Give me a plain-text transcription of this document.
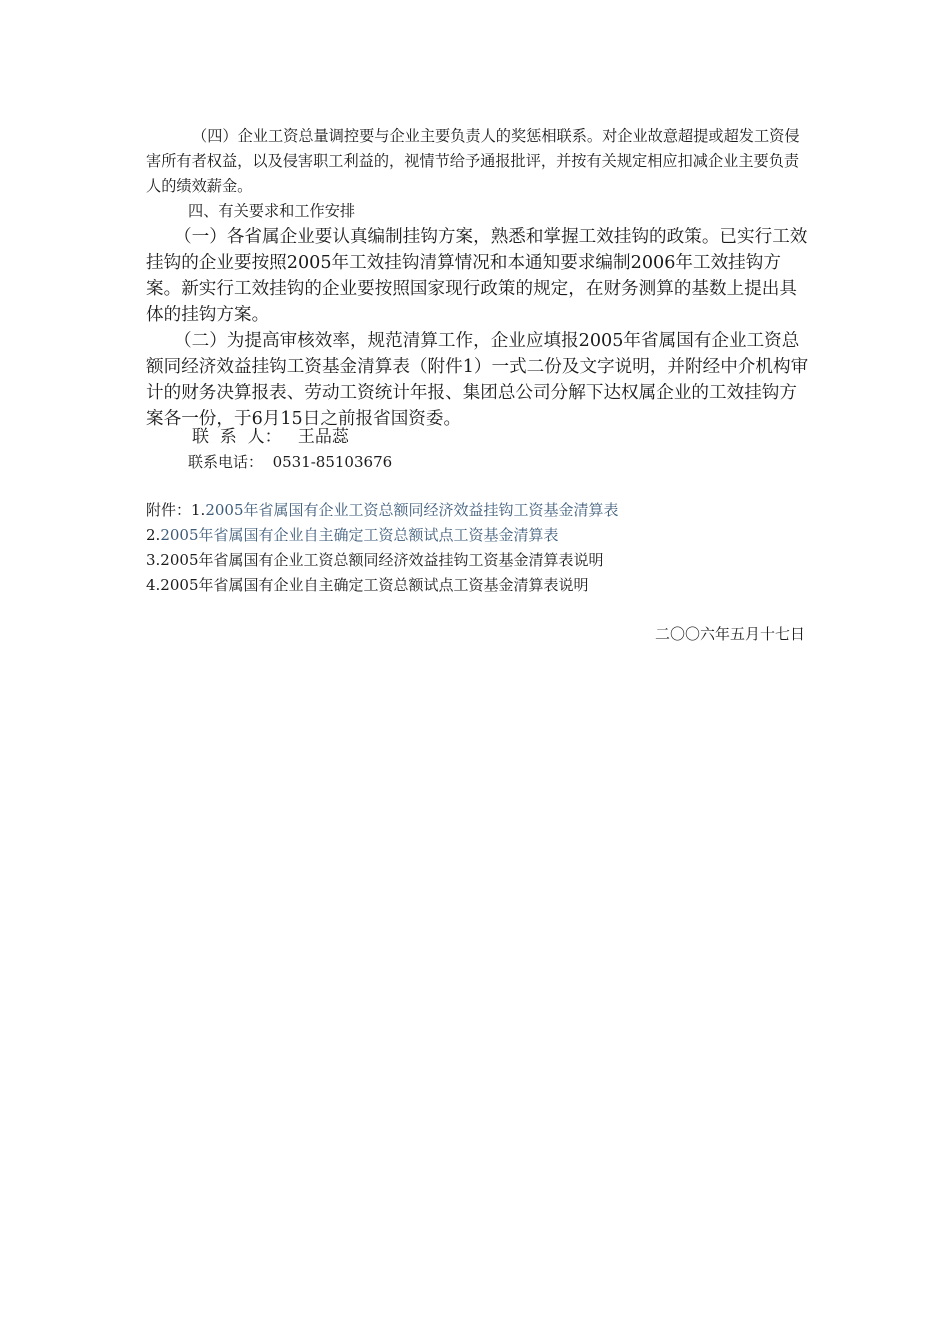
（四）企业工资总量调控要与企业主要负责人的奖惩相联系。对企业故意超提或超发工资侵害所有者权益，以及侵害职工利益的，视情节给予通报批评，并按有关规定相应扣减企业主要负责人的绩效薪金。

四、有关要求和工作安排

（一）各省属企业要认真编制挂钩方案，熟悉和掌握工效挂钩的政策。已实行工效挂钩的企业要按照2005年工效挂钩清算情况和本通知要求编制2006年工效挂钩方案。新实行工效挂钩的企业要按照国家现行政策的规定，在财务测算的基数上提出具体的挂钩方案。

（二）为提高审核效率，规范清算工作，企业应填报2005年省属国有企业工资总额同经济效益挂钩工资基金清算表（附件1）一式二份及文字说明，并附经中介机构审计的财务决算报表、劳动工资统计年报、集团总公司分解下达权属企业的工效挂钩方案各一份，于6月15日之前报省国资委。

联  系  人： 王品蕊
联系电话： 0531-85103676
附件：1.2005年省属国有企业工资总额同经济效益挂钩工资基金清算表
2.2005年省属国有企业自主确定工资总额试点工资基金清算表
3.2005年省属国有企业工资总额同经济效益挂钩工资基金清算表说明
4.2005年省属国有企业自主确定工资总额试点工资基金清算表说明
二〇〇六年五月十七日
